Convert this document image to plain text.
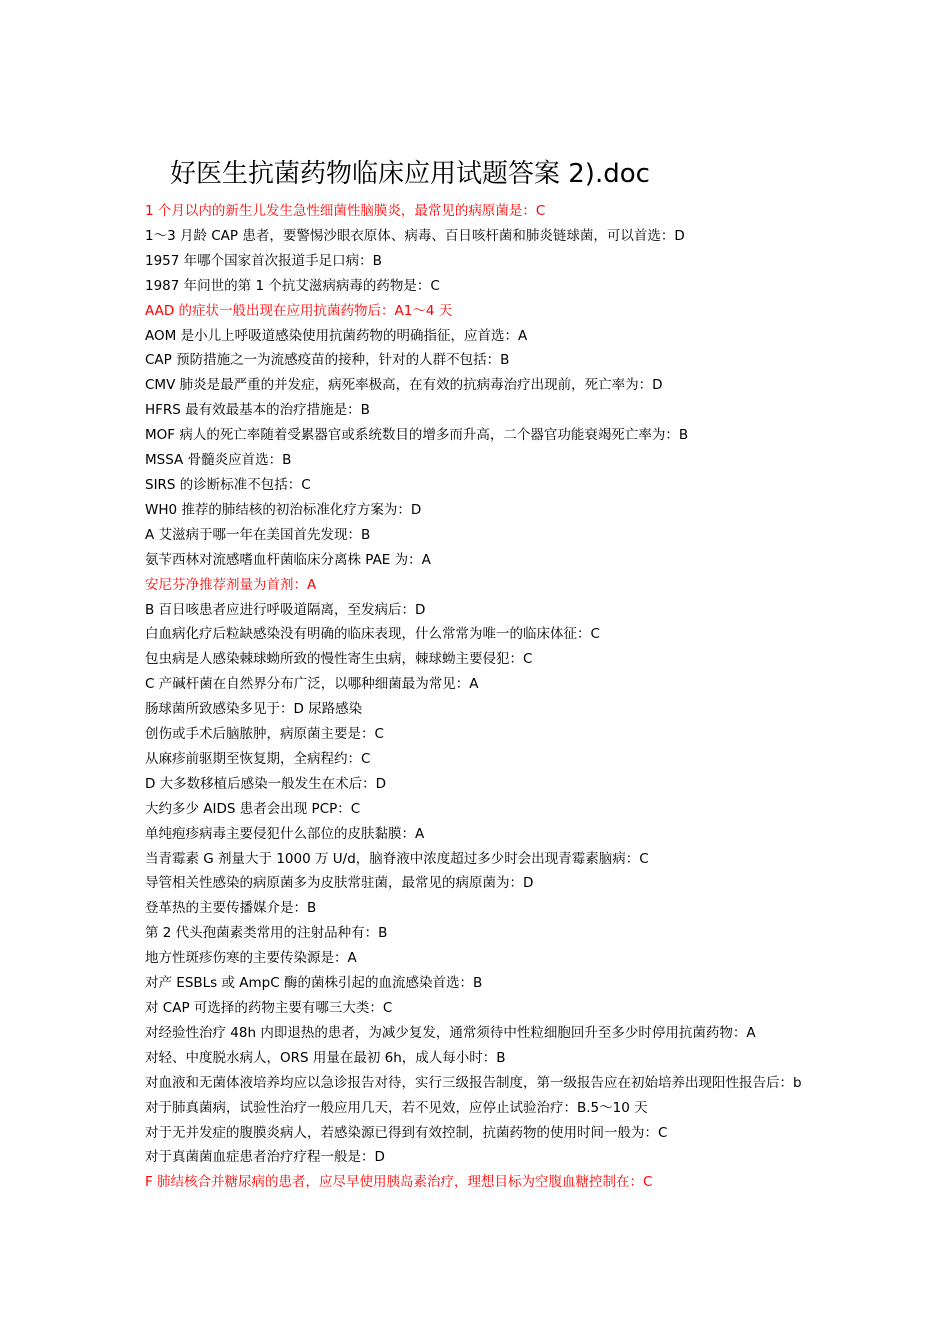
好医生抗菌药物临床应用试题答案 2).doc
1 个月以内的新生儿发生急性细菌性脑膜炎，最常见的病原菌是：C
1～3 月龄 CAP 患者，要警惕沙眼衣原体、病毒、百日咳杆菌和肺炎链球菌，可以首选：D
1957 年哪个国家首次报道手足口病：B
1987 年问世的第 1 个抗艾滋病病毒的药物是：C
AAD 的症状一般出现在应用抗菌药物后：A1～4 天
AOM 是小儿上呼吸道感染使用抗菌药物的明确指征，应首选：A
CAP 预防措施之一为流感疫苗的接种，针对的人群不包括：B
CMV 肺炎是最严重的并发症，病死率极高，在有效的抗病毒治疗出现前，死亡率为：D
HFRS 最有效最基本的治疗措施是：B
MOF 病人的死亡率随着受累器官或系统数目的增多而升高，二个器官功能衰竭死亡率为：B
MSSA 骨髓炎应首选：B
SIRS 的诊断标准不包括：C
WH0 推荐的肺结核的初治标准化疗方案为：D
A 艾滋病于哪一年在美国首先发现：B
氨苄西林对流感嗜血杆菌临床分离株 PAE 为：A
安尼芬净推荐剂量为首剂：A
B 百日咳患者应进行呼吸道隔离，至发病后：D
白血病化疗后粒缺感染没有明确的临床表现，什么常常为唯一的临床体征：C
包虫病是人感染棘球蚴所致的慢性寄生虫病，棘球蚴主要侵犯：C
C 产碱杆菌在自然界分布广泛，以哪种细菌最为常见：A
肠球菌所致感染多见于：D 尿路感染
创伤或手术后脑脓肿，病原菌主要是：C
从麻疹前驱期至恢复期，全病程约：C
D 大多数移植后感染一般发生在术后：D
大约多少 AIDS 患者会出现 PCP：C
单纯疱疹病毒主要侵犯什么部位的皮肤黏膜：A
当青霉素 G 剂量大于 1000 万 U/d，脑脊液中浓度超过多少时会出现青霉素脑病：C
导管相关性感染的病原菌多为皮肤常驻菌，最常见的病原菌为：D
登革热的主要传播媒介是：B
第 2 代头孢菌素类常用的注射品种有：B
地方性斑疹伤寒的主要传染源是：A
对产 ESBLs 或 AmpC 酶的菌株引起的血流感染首选：B
对 CAP 可选择的药物主要有哪三大类：C
对经验性治疗 48h 内即退热的患者，为减少复发，通常须待中性粒细胞回升至多少时停用抗菌药物：A
对轻、中度脱水病人，ORS 用量在最初 6h，成人每小时：B
对血液和无菌体液培养均应以急诊报告对待，实行三级报告制度，第一级报告应在初始培养出现阳性报告后：b
对于肺真菌病，试验性治疗一般应用几天，若不见效，应停止试验治疗：B.5～10 天
对于无并发症的腹膜炎病人，若感染源已得到有效控制，抗菌药物的使用时间一般为：C
对于真菌菌血症患者治疗疗程一般是：D
F 肺结核合并糖尿病的患者，应尽早使用胰岛素治疗，理想目标为空腹血糖控制在：C
